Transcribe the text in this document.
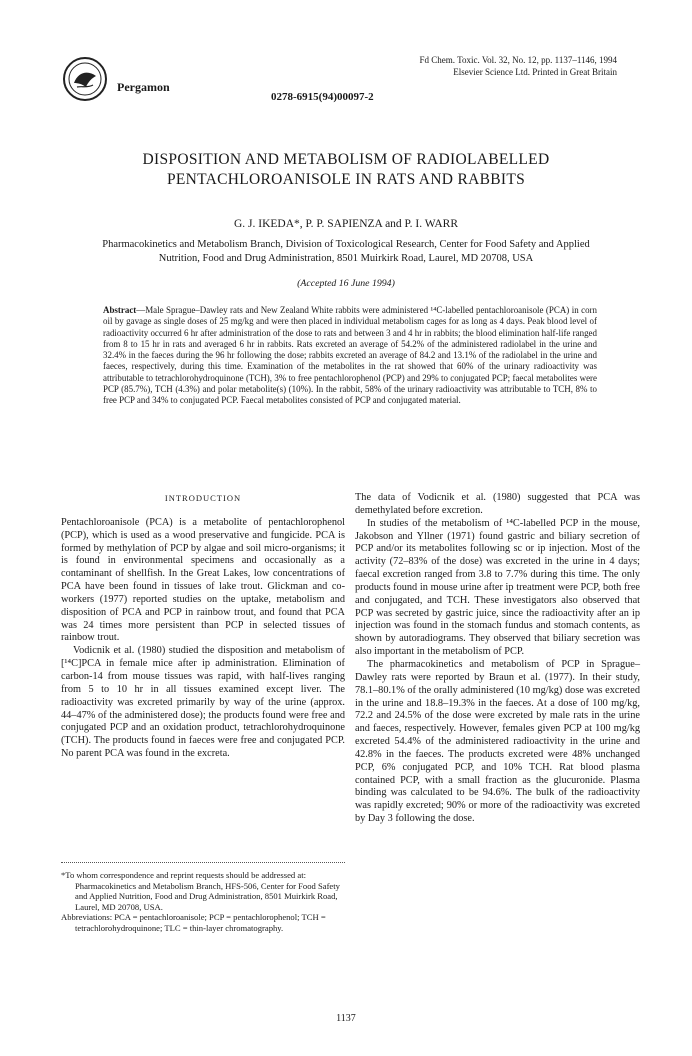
Pergamon
0278-6915(94)00097-2
Fd Chem. Toxic. Vol. 32, No. 12, pp. 1137–1146, 1994
Elsevier Science Ltd. Printed in Great Britain
DISPOSITION AND METABOLISM OF RADIOLABELLED
PENTACHLOROANISOLE IN RATS AND RABBITS
G. J. IKEDA*, P. P. SAPIENZA and P. I. WARR
Pharmacokinetics and Metabolism Branch, Division of Toxicological Research, Center for Food Safety and Applied Nutrition, Food and Drug Administration, 8501 Muirkirk Road, Laurel, MD 20708, USA
(Accepted 16 June 1994)
Abstract—Male Sprague–Dawley rats and New Zealand White rabbits were administered ¹⁴C-labelled pentachloroanisole (PCA) in corn oil by gavage as single doses of 25 mg/kg and were then placed in individual metabolism cages for as long as 4 days. Peak blood level of radioactivity occurred 6 hr after administration of the dose to rats and between 3 and 4 hr in rabbits; the blood elimination half-life ranged from 8 to 15 hr in rats and averaged 6 hr in rabbits. Rats excreted an average of 54.2% of the administered radiolabel in the urine and 32.4% in the faeces during the 96 hr following the dose; rabbits excreted an average of 84.2 and 13.1% of the radiolabel in the urine and faeces, respectively, during this time. Examination of the metabolites in the rat showed that 60% of the urinary radioactivity was attributable to tetrachlorohydroquinone (TCH), 3% to free pentachlorophenol (PCP) and 29% to conjugated PCP; faecal metabolites were PCP (85.7%), TCH (4.3%) and polar metabolite(s) (10%). In the rabbit, 58% of the urinary radioactivity was attributable to TCH, 8% to free PCP and 34% to conjugated PCP. Faecal metabolites consisted of PCP and conjugated material.
INTRODUCTION

Pentachloroanisole (PCA) is a metabolite of pentachlorophenol (PCP), which is used as a wood preservative and fungicide. PCA is formed by methylation of PCP by algae and soil micro-organisms; it is found in environmental specimens and occasionally as a contaminant of shellfish. In the Great Lakes, low concentrations of PCA have been found in tissues of lake trout. Glickman and co-workers (1977) reported studies on the uptake, metabolism and disposition of PCA and PCP in rainbow trout, and found that PCA was 24 times more persistent than PCP in selected tissues of rainbow trout.

Vodicnik et al. (1980) studied the disposition and metabolism of [¹⁴C]PCA in female mice after ip administration. Elimination of carbon-14 from mouse tissues was rapid, with half-lives ranging from 5 to 10 hr in all tissues examined except liver. The radioactivity was excreted primarily by way of the urine (approx. 44–47% of the administered dose); the products found were free and conjugated PCP and an oxidation product, tetrachlorohydroquinone (TCH). The products found in faeces were free and conjugated PCP. No parent PCA was found in the excreta.

The data of Vodicnik et al. (1980) suggested that PCA was demethylated before excretion.

In studies of the metabolism of ¹⁴C-labelled PCP in the mouse, Jakobson and Yllner (1971) found gastric and biliary secretion of PCP and/or its metabolites following sc or ip injection. Most of the activity (72–83% of the dose) was excreted in the urine in 4 days; faecal excretion ranged from 3.8 to 7.7% during this time. The only products found in mouse urine after ip treatment were PCP, both free and conjugated, and TCH. These investigators also observed that PCP was secreted by gastric juice, since the radioactivity after an ip injection was found in the stomach fundus and stomach contents, as shown by autoradiograms. They observed that biliary secretion was also important in the metabolism of PCP.

The pharmacokinetics and metabolism of PCP in Sprague–Dawley rats were reported by Braun et al. (1977). In their study, 78.1–80.1% of the orally administered (10 mg/kg) dose was excreted in the urine and 18.8–19.3% in the faeces. At a dose of 100 mg/kg, 72.2 and 24.5% of the dose were excreted by male rats in the urine and faeces, respectively. However, females given PCP at 100 mg/kg excreted 54.4% of the administered radioactivity in the urine and 42.8% in the faeces. The products excreted were 48% unchanged PCP, 6% conjugated PCP, and 10% TCH. Rat blood plasma contained PCP, with a small fraction as the glucuronide. Plasma binding was calculated to be 94.6%. The bulk of the radioactivity was rapidly excreted; 90% or more of the radioactivity was excreted by Day 3 following the dose.

*To whom correspondence and reprint requests should be addressed at: Pharmacokinetics and Metabolism Branch, HFS-506, Center for Food Safety and Applied Nutrition, Food and Drug Administration, 8501 Muirkirk Road, Laurel, MD 20708, USA.

Abbreviations: PCA = pentachloroanisole; PCP = pentachlorophenol; TCH = tetrachlorohydroquinone; TLC = thin-layer chromatography.

1137
